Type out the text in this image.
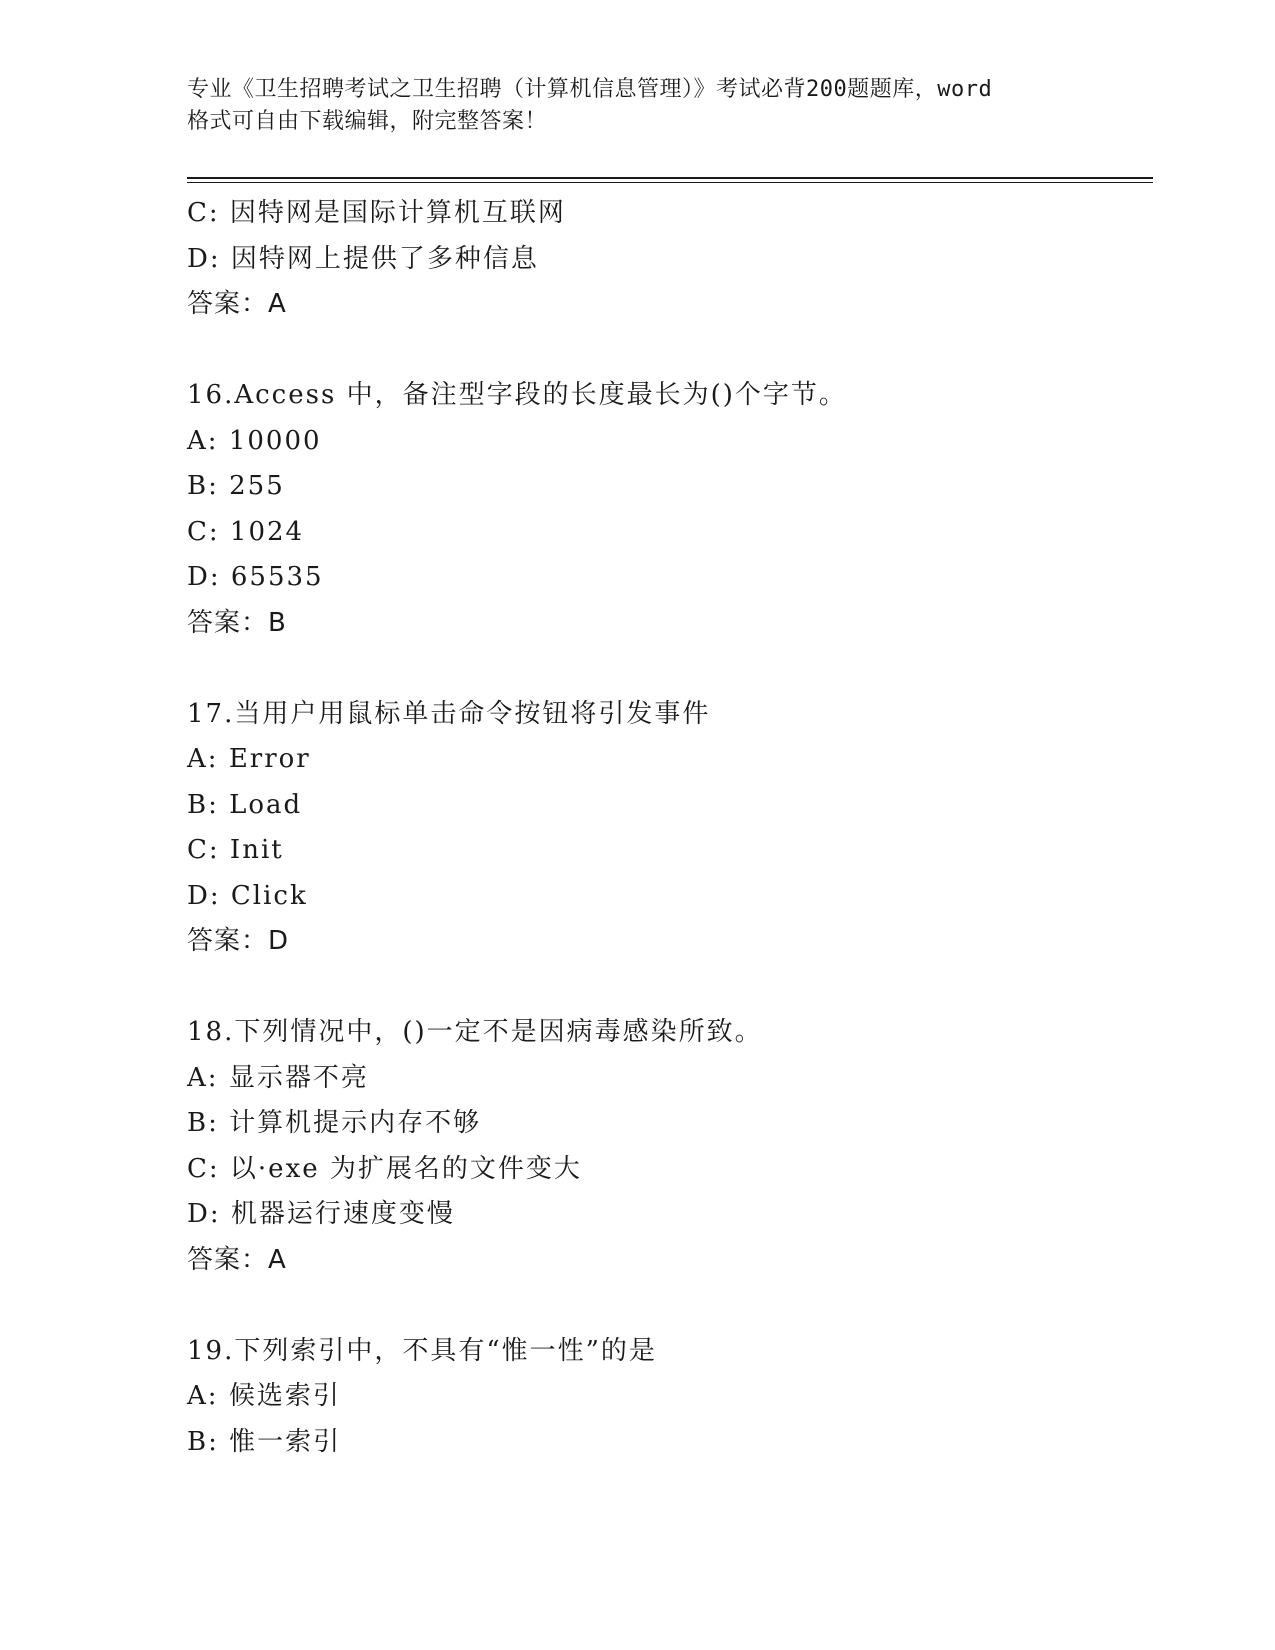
专业《卫生招聘考试之卫生招聘（计算机信息管理）》考试必背200题题库，word
格式可自由下载编辑，附完整答案！
C: 因特网是国际计算机互联网
D: 因特网上提供了多种信息
答案：A
16.Access 中，备注型字段的长度最长为()个字节。
A: 10000
B: 255
C: 1024
D: 65535
答案：B
17.当用户用鼠标单击命令按钮将引发事件
A: Error
B: Load
C: Init
D: Click
答案：D
18.下列情况中，()一定不是因病毒感染所致。
A: 显示器不亮
B: 计算机提示内存不够
C: 以·exe 为扩展名的文件变大
D: 机器运行速度变慢
答案：A
19.下列索引中，不具有“惟一性”的是
A: 候选索引
B: 惟一索引
